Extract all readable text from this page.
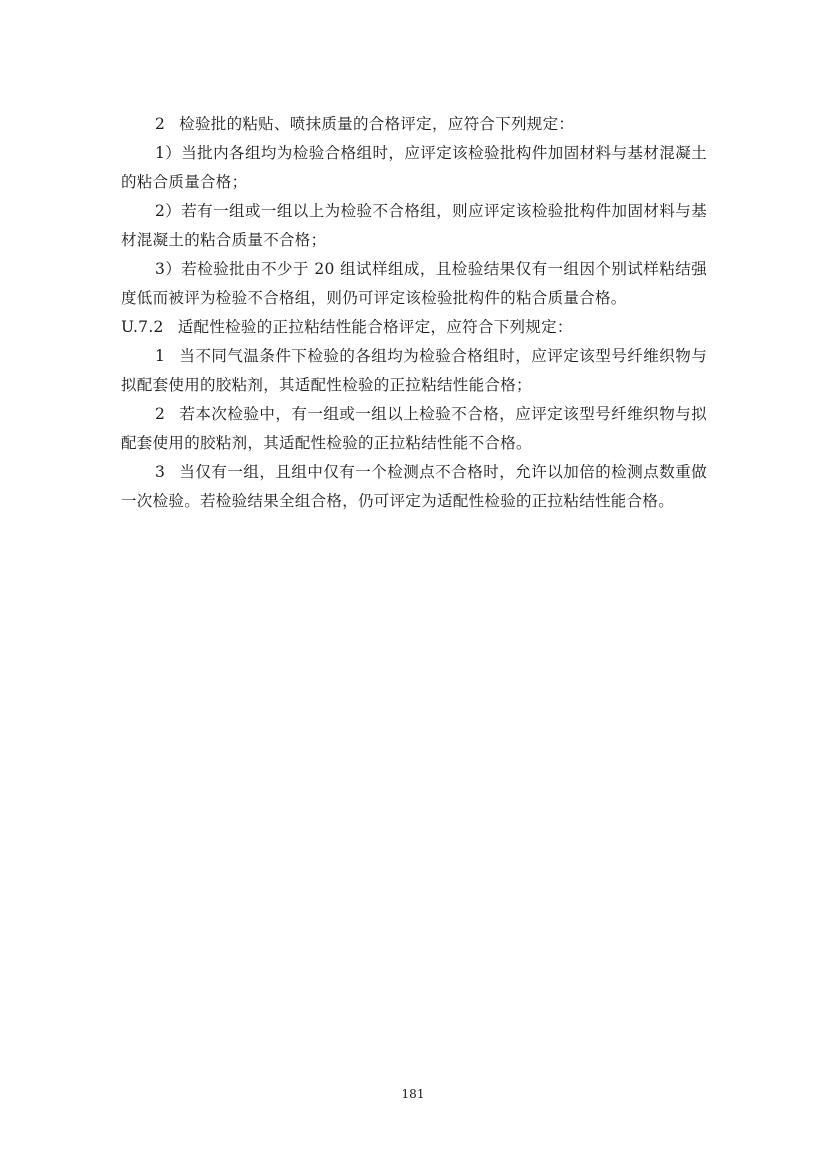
2 检验批的粘贴、喷抹质量的合格评定，应符合下列规定：

1）当批内各组均为检验合格组时，应评定该检验批构件加固材料与基材混凝土的粘合质量合格；

2）若有一组或一组以上为检验不合格组，则应评定该检验批构件加固材料与基材混凝土的粘合质量不合格；

3）若检验批由不少于 20 组试样组成，且检验结果仅有一组因个别试样粘结强度低而被评为检验不合格组，则仍可评定该检验批构件的粘合质量合格。

U.7.2 适配性检验的正拉粘结性能合格评定，应符合下列规定：

1 当不同气温条件下检验的各组均为检验合格组时，应评定该型号纤维织物与拟配套使用的胶粘剂，其适配性检验的正拉粘结性能合格；

2 若本次检验中，有一组或一组以上检验不合格，应评定该型号纤维织物与拟配套使用的胶粘剂，其适配性检验的正拉粘结性能不合格。

3 当仅有一组，且组中仅有一个检测点不合格时，允许以加倍的检测点数重做一次检验。若检验结果全组合格，仍可评定为适配性检验的正拉粘结性能合格。

181
